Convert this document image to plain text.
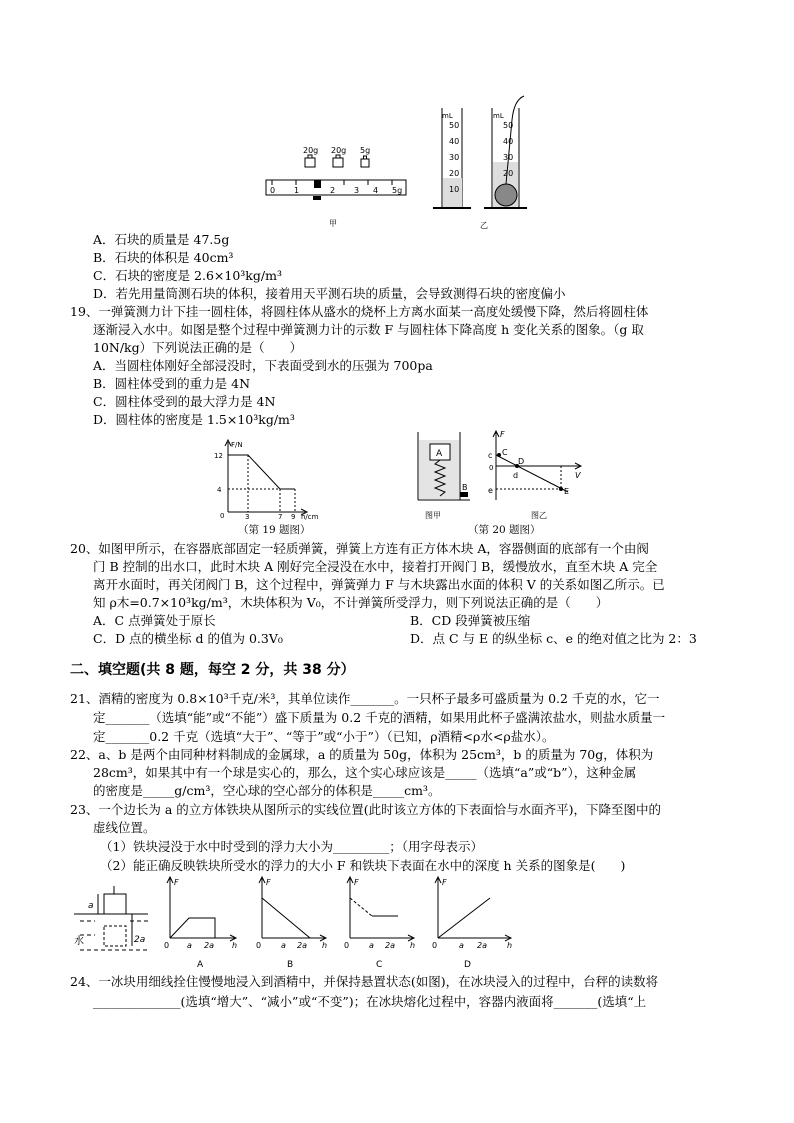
20g 20g 5g
0 1	2 3 4 5g
mL
50
40
30
20
10
mL
50
40
30
20
甲	乙
A．石块的质量是 47.5g
B．石块的体积是 40cm³
C．石块的密度是 2.6×10³kg/m³
D．若先用量筒测石块的体积，接着用天平测石块的质量，会导致测得石块的密度偏小
19、一弹簧测力计下挂一圆柱体，将圆柱体从盛水的烧杯上方离水面某一高度处缓慢下降，然后将圆柱体
逐渐浸入水中。如图是整个过程中弹簧测力计的示数 F 与圆柱体下降高度 h 变化关系的图象。（g 取
10N/kg）下列说法正确的是（　　）
A．当圆柱体刚好全部浸没时，下表面受到水的压强为 700pa
B．圆柱体受到的重力是 4N
C．圆柱体受到的最大浮力是 4N
D．圆柱体的密度是 1.5×10³kg/m³
F/N
h/cm
12
4
0	3	7 9
（第 19 题图）
A
B
图甲
F
V
0
c C
D
d
e	E
图乙
（第 20 题图）
20、如图甲所示，在容器底部固定一轻质弹簧，弹簧上方连有正方体木块 A，容器侧面的底部有一个由阀
门 B 控制的出水口，此时木块 A 刚好完全浸没在水中，接着打开阀门 B，缓慢放水，直至木块 A 完全
离开水面时，再关闭阀门 B，这个过程中，弹簧弹力 F 与木块露出水面的体积 V 的关系如图乙所示。已
知 ρ木=0.7×10³kg/m³，木块体积为 V₀，不计弹簧所受浮力，则下列说法正确的是（　　）
A．C 点弹簧处于原长	B．CD 段弹簧被压缩
C．D 点的横坐标 d 的值为 0.3V₀	D．点 C 与 E 的纵坐标 c、e 的绝对值之比为 2：3
二、填空题(共 8 题，每空 2 分，共 38 分）
21、酒精的密度为 0.8×10³千克/米³，其单位读作_______。一只杯子最多可盛质量为 0.2 千克的水，它一
定_______（选填“能”或“不能”）盛下质量为 0.2 千克的酒精，如果用此杯子盛满浓盐水，则盐水质量一
定_______0.2 千克（选填“大于”、“等于”或“小于”）（已知，ρ酒精<ρ水<ρ盐水）。
22、a、b 是两个由同种材料制成的金属球，a 的质量为 50g，体积为 25cm³，b 的质量为 70g，体积为
28cm³，如果其中有一个球是实心的，那么，这个实心球应该是_____（选填“a”或“b”），这种金属
的密度是_____g/cm³，空心球的空心部分的体积是_____cm³。
23、一个边长为 a 的立方体铁块从图所示的实线位置(此时该立方体的下表面恰与水面齐平)，下降至图中的
虚线位置。
（1）铁块浸没于水中时受到的浮力大小为_________；（用字母表示）
（2）能正确反映铁块所受水的浮力的大小 F 和铁块下表面在水中的深度 h 关系的图象是(　　)
a
2a
水
F
h
0 a 2a
A
F
h
0 a 2a
B
F
h
0 a 2a
C
F
h
0	a 2a
D
24、一冰块用细线拴住慢慢地浸入到酒精中，并保持悬置状态(如图)，在冰块浸入的过程中，台秤的读数将
______________(选填“增大”、“减小”或“不变”)；在冰块熔化过程中，容器内液面将_______(选填“上
